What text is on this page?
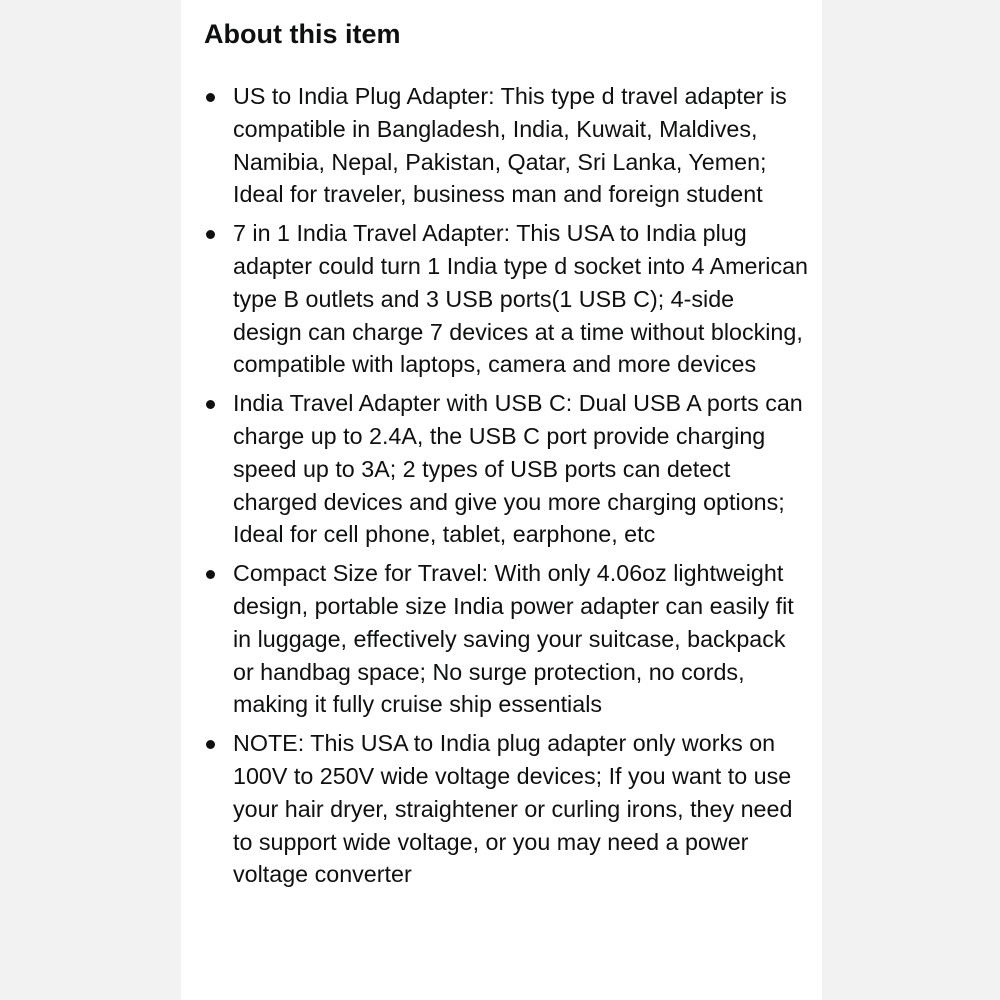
About this item
US to India Plug Adapter: This type d travel adapter is compatible in Bangladesh, India, Kuwait, Maldives, Namibia, Nepal, Pakistan, Qatar, Sri Lanka, Yemen; Ideal for traveler, business man and foreign student
7 in 1 India Travel Adapter: This USA to India plug adapter could turn 1 India type d socket into 4 American type B outlets and 3 USB ports(1 USB C); 4-side design can charge 7 devices at a time without blocking, compatible with laptops, camera and more devices
India Travel Adapter with USB C: Dual USB A ports can charge up to 2.4A, the USB C port provide charging speed up to 3A; 2 types of USB ports can detect charged devices and give you more charging options; Ideal for cell phone, tablet, earphone, etc
Compact Size for Travel: With only 4.06oz lightweight design, portable size India power adapter can easily fit in luggage, effectively saving your suitcase, backpack or handbag space; No surge protection, no cords, making it fully cruise ship essentials
NOTE: This USA to India plug adapter only works on 100V to 250V wide voltage devices; If you want to use your hair dryer, straightener or curling irons, they need to support wide voltage, or you may need a power voltage converter
